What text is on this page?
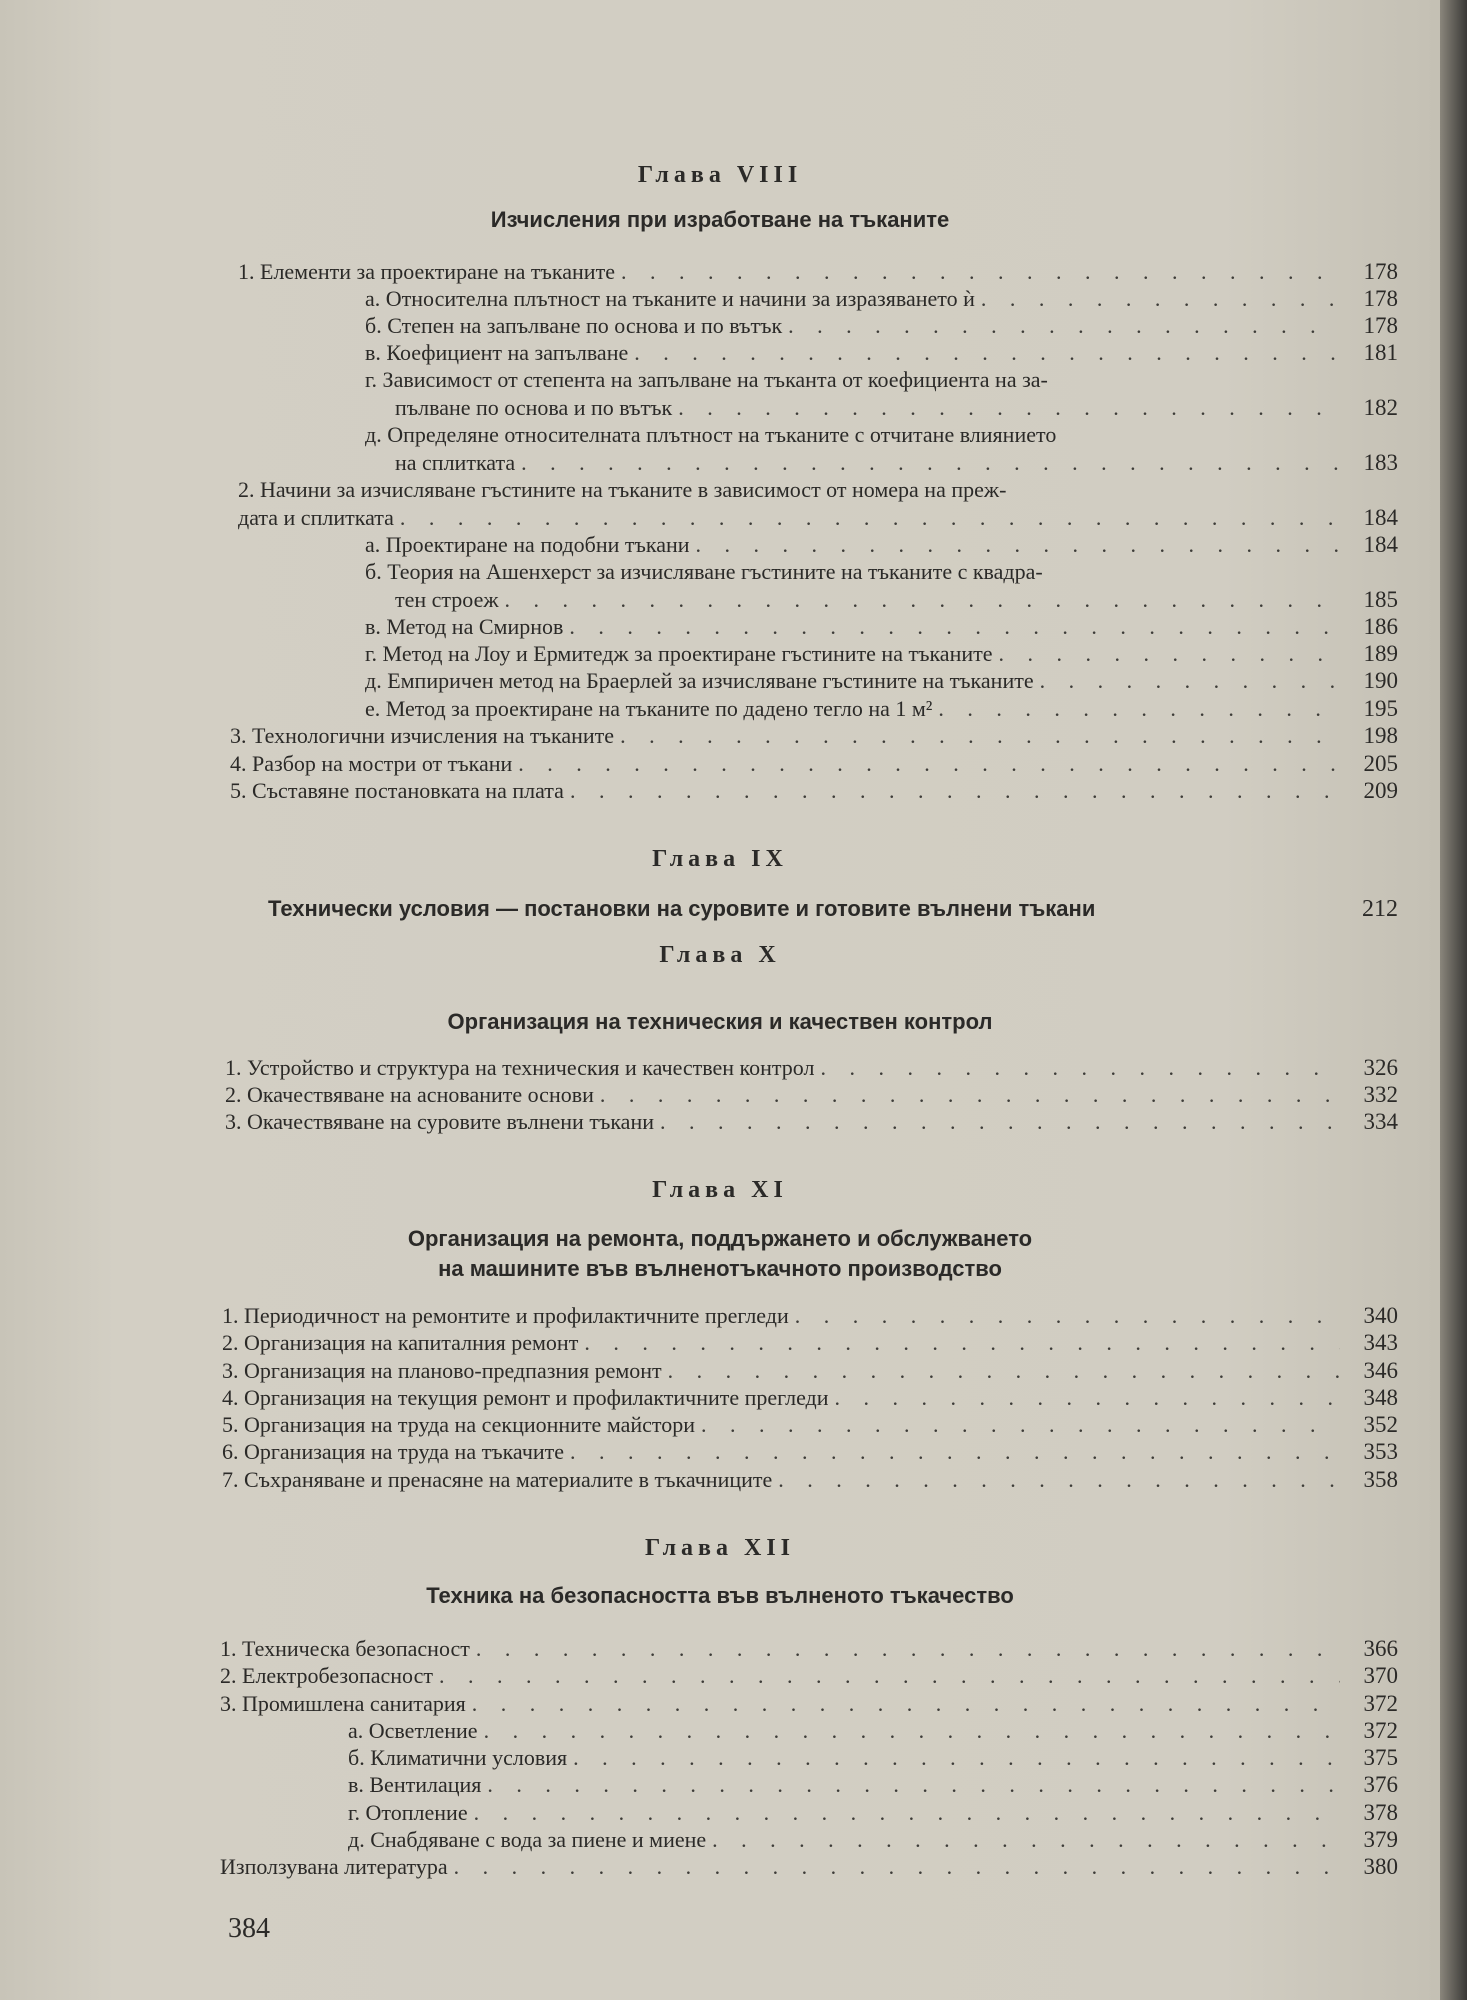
Глава VIII
Изчисления при изработване на тъканите
1. Елементи за проектиране на тъканите . . .	178
а. Относителна плътност на тъканите и начини за изразяването ѝ . . .	178
б. Степен на запълване по основа и по вътък . . .	178
в. Коефициент на запълване . . .	181
г. Зависимост от степента на запълване на тъканта от коефициента на за-
пълване по основа и по вътък . . .	182
д. Определяне относителната плътност на тъканите с отчитане влиянието
на сплитката . . .	183
2. Начини за изчисляване гъстините на тъканите в зависимост от номера на преж-
дата и сплитката . . .	184
а. Проектиране на подобни тъкани . . .	184
б. Теория на Ашенхерст за изчисляване гъстините на тъканите с квадра-
тен строеж . . .	185
в. Метод на Смирнов . . .	186
г. Метод на Лоу и Ермитедж за проектиране гъстините на тъканите . . .	189
д. Емпиричен метод на Браерлей за изчисляване гъстините на тъканите . . .	190
е. Метод за проектиране на тъканите по дадено тегло на 1 м² . . .	195
3. Технологични изчисления на тъканите . . .	198
4. Разбор на мостри от тъкани . . .	205
5. Съставяне постановката на плата . . .	209
Глава IX
Технически условия — постановки на суровите и готовите вълнени тъкани	212
Глава X
Организация на техническия и качествен контрол
1. Устройство и структура на техническия и качествен контрол . . .	326
2. Окачествяване на аснованите основи . . .	332
3. Окачествяване на суровите вълнени тъкани . . .	334
Глава XI
Организация на ремонта, поддържането и обслужването
на машините във вълненотъкачното производство
1. Периодичност на ремонтите и профилактичните прегледи . . .	340
2. Организация на капиталния ремонт . . .	343
3. Организация на планово-предпазния ремонт . . .	346
4. Организация на текущия ремонт и профилактичните прегледи . . .	348
5. Организация на труда на секционните майстори . . .	352
6. Организация на труда на тъкачите . . .	353
7. Съхраняване и пренасяне на материалите в тъкачниците . . .	358
Глава XII
Техника на безопасността във вълненото тъкачество
1. Техническа безопасност . . .	366
2. Електробезопасност . . .	370
3. Промишлена санитария . . .	372
а. Осветление . . .	372
б. Климатични условия . . .	375
в. Вентилация . . .	376
г. Отопление . . .	378
д. Снабдяване с вода за пиене и миене . . .	379
Използувана литература . . .	380
384
